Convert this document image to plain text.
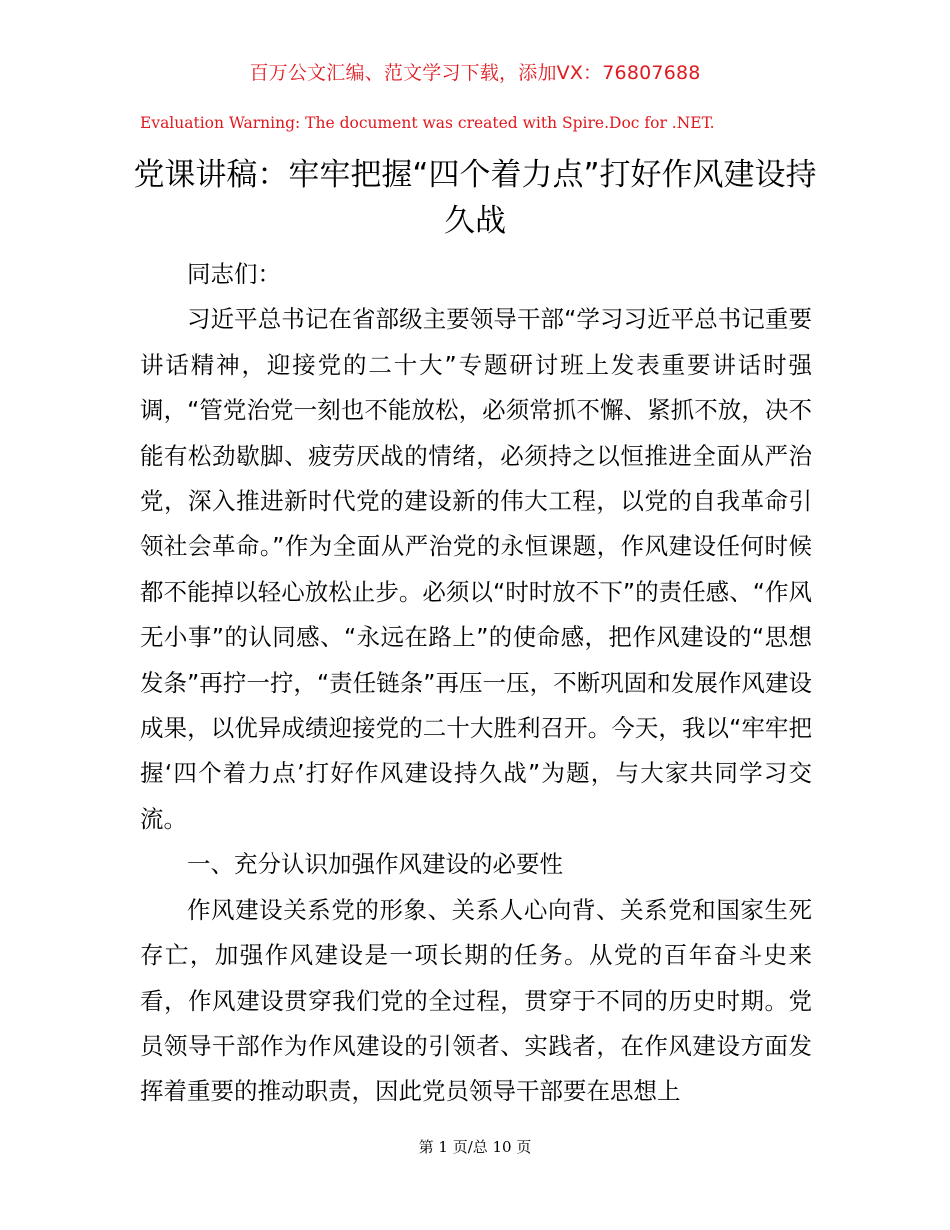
百万公文汇编、范文学习下载，添加VX：76807688
Evaluation Warning: The document was created with Spire.Doc for .NET.
党课讲稿：牢牢把握“四个着力点”打好作风建设持久战

同志们：

习近平总书记在省部级主要领导干部“学习习近平总书记重要讲话精神，迎接党的二十大”专题研讨班上发表重要讲话时强调，“管党治党一刻也不能放松，必须常抓不懈、紧抓不放，决不能有松劲歇脚、疲劳厌战的情绪，必须持之以恒推进全面从严治党，深入推进新时代党的建设新的伟大工程，以党的自我革命引领社会革命。”作为全面从严治党的永恒课题，作风建设任何时候都不能掉以轻心放松止步。必须以“时时放不下”的责任感、“作风无小事”的认同感、“永远在路上”的使命感，把作风建设的“思想发条”再拧一拧，“责任链条”再压一压，不断巩固和发展作风建设成果，以优异成绩迎接党的二十大胜利召开。今天，我以“牢牢把握‘四个着力点’打好作风建设持久战”为题，与大家共同学习交流。

一、充分认识加强作风建设的必要性

作风建设关系党的形象、关系人心向背、关系党和国家生死存亡，加强作风建设是一项长期的任务。从党的百年奋斗史来看，作风建设贯穿我们党的全过程，贯穿于不同的历史时期。党员领导干部作为作风建设的引领者、实践者，在作风建设方面发挥着重要的推动职责，因此党员领导干部要在思想上

第 1 页/总 10 页
